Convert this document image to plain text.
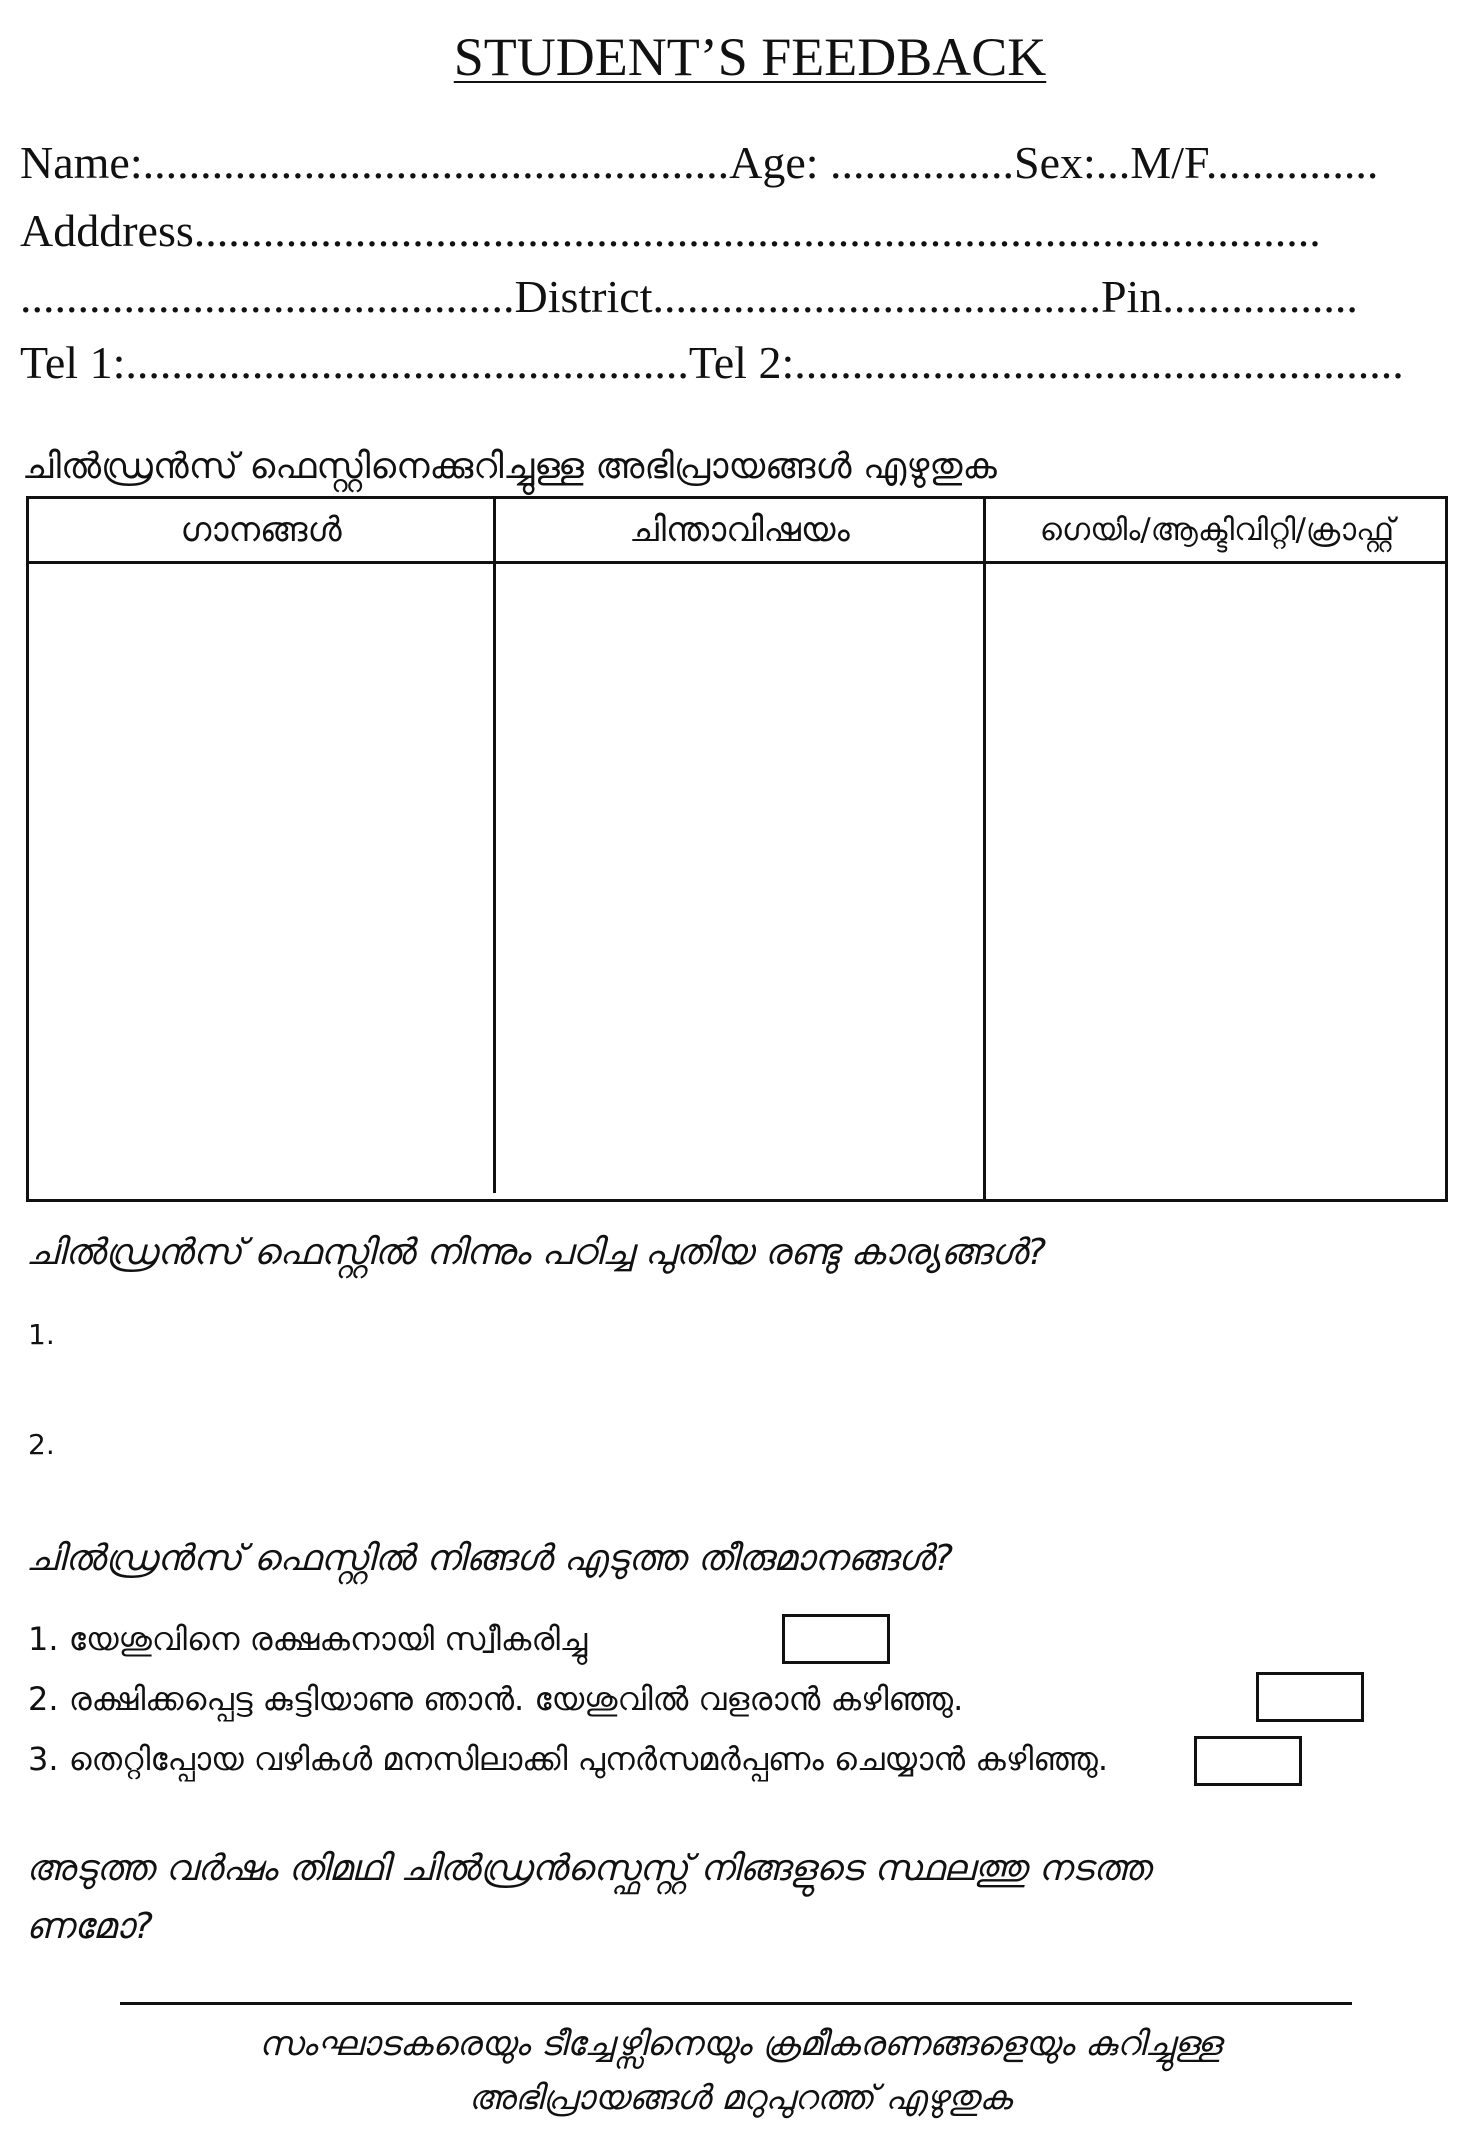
STUDENT’S FEEDBACK
Name:...................................................Age: ................Sex:...M/F...............
Adddress..................................................................................................
...........................................District.......................................Pin.................
Tel 1:.................................................Tel 2:.....................................................
ചിൽഡ്രൻസ് ഫെസ്റ്റിനെക്കുറിച്ചുള്ള അഭിപ്രായങ്ങൾ എഴുതുക
ഗാനങ്ങൾ	ചിന്താവിഷയം	ഗെയിം/ആക്ടിവിറ്റി/ക്രാഫ്റ്റ്
ചിൽഡ്രൻസ് ഫെസ്റ്റിൽ നിന്നും പഠിച്ച പുതിയ രണ്ടു കാര്യങ്ങൾ?
1.
2.
ചിൽഡ്രൻസ് ഫെസ്റ്റിൽ നിങ്ങൾ എടുത്ത തീരുമാനങ്ങൾ?
1. യേശുവിനെ രക്ഷകനായി സ്വീകരിച്ചു
2. രക്ഷിക്കപ്പെട്ട കുട്ടിയാണു ഞാൻ. യേശുവിൽ വളരാൻ കഴിഞ്ഞു.
3. തെറ്റിപ്പോയ വഴികൾ മനസിലാക്കി പുനർസമർപ്പണം ചെയ്യാൻ കഴിഞ്ഞു.
അടുത്ത വർഷം തിമഥി ചിൽഡ്രൻസ്ഫെസ്റ്റ് നിങ്ങളുടെ സ്ഥലത്തു നടത്ത
ണമോ?
സംഘാടകരെയും ടീച്ചേഴ്സിനെയും ക്രമീകരണങ്ങളെയും കുറിച്ചുള്ള
അഭിപ്രായങ്ങൾ മറുപുറത്ത് എഴുതുക
